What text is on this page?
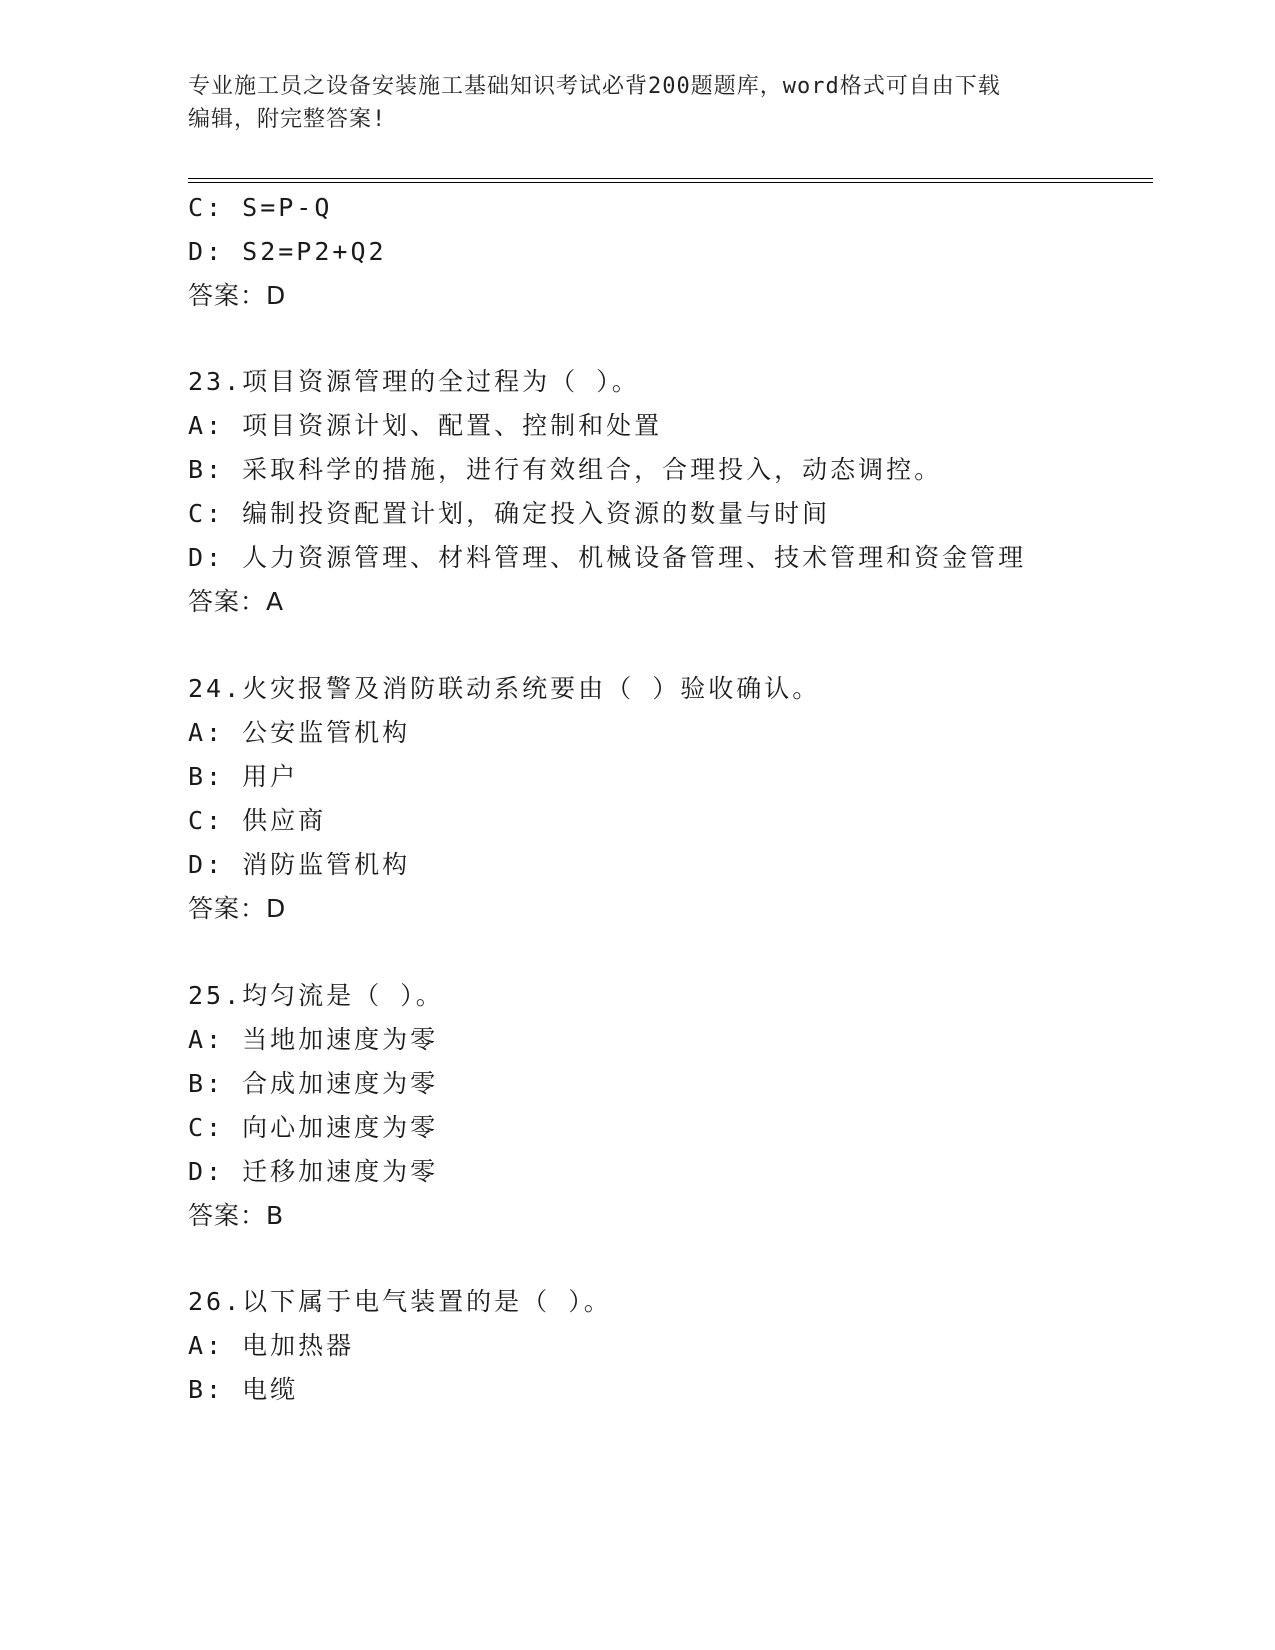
专业施工员之设备安装施工基础知识考试必背200题题库，word格式可自由下载
编辑，附完整答案!
C: S=P-Q
D: S2=P2+Q2
答案：D
23.项目资源管理的全过程为（ ）。
A: 项目资源计划、配置、控制和处置
B: 采取科学的措施，进行有效组合，合理投入，动态调控。
C: 编制投资配置计划，确定投入资源的数量与时间
D: 人力资源管理、材料管理、机械设备管理、技术管理和资金管理
答案：A
24.火灾报警及消防联动系统要由（ ）验收确认。
A: 公安监管机构
B: 用户
C: 供应商
D: 消防监管机构
答案：D
25.均匀流是（ ）。
A: 当地加速度为零
B: 合成加速度为零
C: 向心加速度为零
D: 迁移加速度为零
答案：B
26.以下属于电气装置的是（ ）。
A: 电加热器
B: 电缆
